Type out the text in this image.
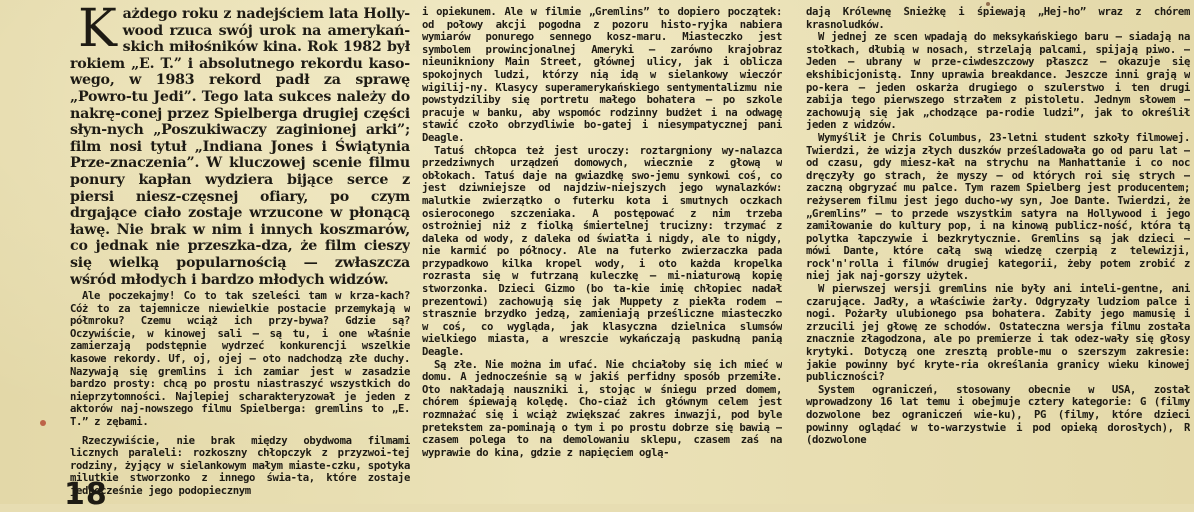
Każdego roku z nadejściem lata Holly-wood rzuca swój urok na amerykań-skich miłośników kina. Rok 1982 był rokiem „E. T.” i absolutnego rekordu kaso-wego, w 1983 rekord padł za sprawę „Powro-tu Jedi”. Tego lata sukces należy do nakrę-conej przez Spielberga drugiej części słyn-nych „Poszukiwaczy zaginionej arki”; film nosi tytuł „Indiana Jones i Świątynia Prze-znaczenia”. W kluczowej scenie filmu ponury kapłan wydziera bijące serce z piersi niesz-częsnej ofiary, po czym drgające ciało zostaje wrzucone w płonącą ławę. Nie brak w nim i innych koszmarów, co jednak nie przeszka-dza, że film cieszy się wielką popularnością — zwłaszcza wśród młodych i bardzo młodych widzów.

Ale poczekajmy! Co to tak szeleści tam w krza-kach? Cóż to za tajemnicze niewielkie postacie przemykają w półmroku? Czemu wciąż ich przy-bywa? Gdzie są? Oczywiście, w kinowej sali — są tu, i one właśnie zamierzają podstępnie wydrzeć konkurencji wszelkie kasowe rekordy. Uf, oj, ojej — oto nadchodzą złe duchy. Nazywają się gremlins i ich zamiar jest w zasadzie bardzo prosty: chcą po prostu niastraszyć wszystkich do nieprzytomności. Najlepiej scharakteryzował je jeden z aktorów naj-nowszego filmu Spielberga: gremlins to „E. T.” z zębami.

Rzeczywiście, nie brak między obydwoma filmami licznych paraleli: rozkoszny chłopczyk z przyzwoi-tej rodziny, żyjący w sielankowym małym miaste-czku, spotyka milutkie stworzonko z innego świa-ta, które zostaje jednocześnie jego podopiecznym

i opiekunem. Ale w filmie „Gremlins” to dopiero początek: od połowy akcji pogodna z pozoru histo-ryjka nabiera wymiarów ponurego sennego kosz-maru. Miasteczko jest symbolem prowincjonalnej Ameryki — zarówno krajobraz nieunikniony Main Street, głównej ulicy, jak i oblicza spokojnych ludzi, którzy nią idą w sielankowy wieczór wigilij-ny. Klasycy superamerykańskiego sentymentalizmu nie powstydziliby się portretu małego bohatera — po szkole pracuje w banku, aby wspomóc rodzinny budżet i na odwagę stawić czoło obrzydliwie bo-gatej i niesympatycznej pani Deagle.

Tatuś chłopca też jest uroczy: roztargniony wy-nalazca przedziwnych urządzeń domowych, wiecznie z głową w obłokach. Tatuś daje na gwiazdkę swo-jemu synkowi coś, co jest dziwniejsze od najdziw-niejszych jego wynalazków: malutkie zwierzątko o futerku kota i smutnych oczkach osieroconego szczeniaka. A postępować z nim trzeba ostrożniej niż z fiolką śmiertelnej trucizny: trzymać z daleka od wody, z daleka od światła i nigdy, ale to nigdy, nie karmić po północy. Ale na futerko zwierzaczka pada przypadkowo kilka kropel wody, i oto każda kropelka rozrasta się w futrzaną kuleczkę — mi-niaturową kopię stworzonka. Dzieci Gizmo (bo ta-kie imię chłopiec nadał prezentowi) zachowują się jak Muppety z piekła rodem — strasznie brzydko jedzą, zamieniają prześliczne miasteczko w coś, co wygląda, jak klasyczna dzielnica slumsów wielkiego miasta, a wreszcie wykańczają paskudną panią Deagle.

Są złe. Nie można im ufać. Nie chciałoby się ich mieć w domu. A jednocześnie są w jakiś perfidny sposób przemiłe. Oto nakładają nauszniki i, stojąc w śniegu przed domem, chórem śpiewają kolędę. Cho-ciaż ich głównym celem jest rozmnażać się i wciąż zwiększać zakres inwazji, pod byle pretekstem za-pominają o tym i po prostu dobrze się bawią — czasem polega to na demolowaniu sklepu, czasem zaś na wyprawie do kina, gdzie z napięciem oglą-

dają Królewnę Śnieżkę i śpiewają „Hej-ho” wraz z chórem krasnoludków.

W jednej ze scen wpadają do meksykańskiego baru — siadają na stołkach, dłubią w nosach, strzelają palcami, spijają piwo. — Jeden — ubrany w prze-ciwdeszczowy płaszcz — okazuje się ekshibicjonistą. Inny uprawia breakdance. Jeszcze inni grają w po-kera — jeden oskarża drugiego o szulerstwo i ten drugi zabija tego pierwszego strzałem z pistoletu. Jednym słowem — zachowują się jak „chodzące pa-rodie ludzi”, jak to określił jeden z widzów.

Wymyślił je Chris Columbus, 23-letni student szkoły filmowej. Twierdzi, że wizja złych duszków prześladowała go od paru lat — od czasu, gdy miesz-kał na strychu na Manhattanie i co noc dręczyły go strach, że myszy — od których roi się strych — zaczną obgryzać mu palce. Tym razem Spielberg jest producentem; reżyserem filmu jest jego ducho-wy syn, Joe Dante. Twierdzi, że „Gremlins” — to przede wszystkim satyra na Hollywood i jego zamiłowanie do kultury pop, i na kinową publicz-ność, która tą polytka łapczywie i bezkrytycznie. Gremlins są jak dzieci — mówi Dante, które całą swą wiedzę czerpią z telewizji, rock'n'rolla i filmów drugiej kategorii, żeby potem zrobić z niej jak naj-gorszy użytek.

W pierwszej wersji gremlins nie były ani inteli-gentne, ani czarujące. Jadły, a właściwie żarły. Odgryzały ludziom palce i nogi. Pożarły ulubionego psa bohatera. Zabity jego mamusię i zrzucili jej głowę ze schodów. Ostateczna wersja filmu została znacznie złagodzona, ale po premierze i tak odez-wały się głosy krytyki. Dotyczą one zresztą proble-mu o szerszym zakresie: jakie powinny być kryte-ria określania granicy wieku kinowej publiczności?

System ograniczeń, stosowany obecnie w USA, został wprowadzony 16 lat temu i obejmuje cztery kategorie: G (filmy dozwolone bez ograniczeń wie-ku), PG (filmy, które dzieci powinny oglądać w to-warzystwie i pod opieką dorosłych), R (dozwolone

18
